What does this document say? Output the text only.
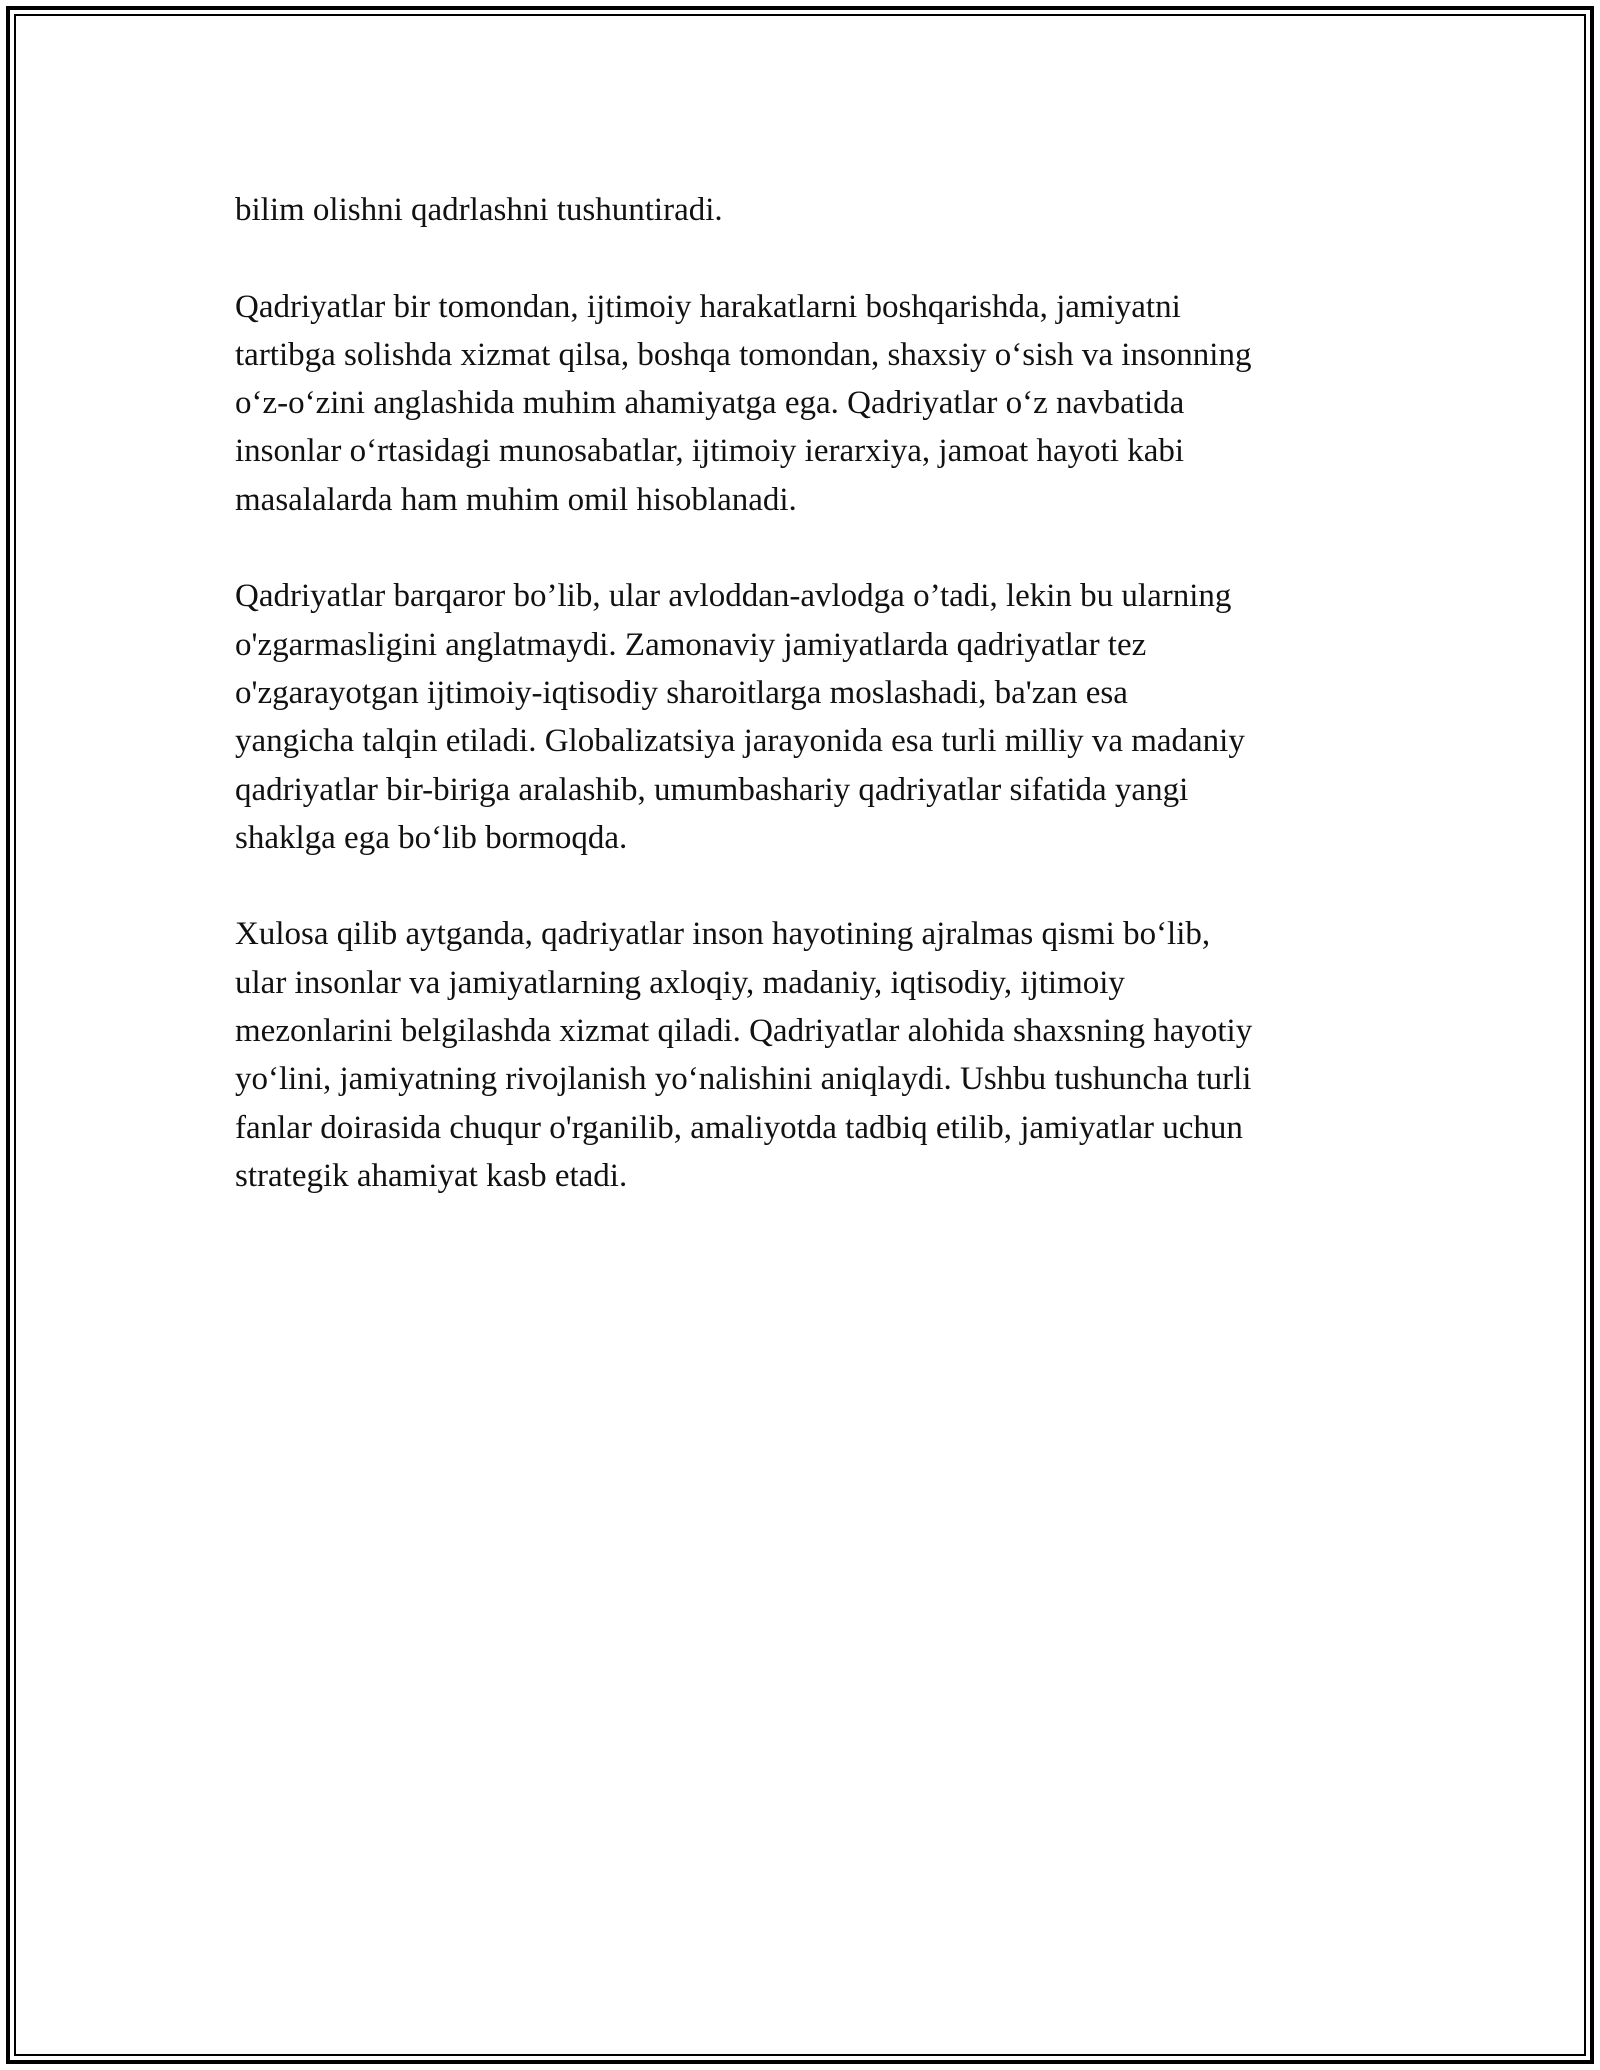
bilim olishni qadrlashni tushuntiradi.

Qadriyatlar bir tomondan, ijtimoiy harakatlarni boshqarishda, jamiyatni
tartibga solishda xizmat qilsa, boshqa tomondan, shaxsiy o‘sish va insonning
o‘z-o‘zini anglashida muhim ahamiyatga ega. Qadriyatlar o‘z navbatida
insonlar o‘rtasidagi munosabatlar, ijtimoiy ierarxiya, jamoat hayoti kabi
masalalarda ham muhim omil hisoblanadi.

Qadriyatlar barqaror bo’lib, ular avloddan-avlodga o’tadi, lekin bu ularning
o'zgarmasligini anglatmaydi. Zamonaviy jamiyatlarda qadriyatlar tez
o'zgarayotgan ijtimoiy-iqtisodiy sharoitlarga moslashadi, ba'zan esa
yangicha talqin etiladi. Globalizatsiya jarayonida esa turli milliy va madaniy
qadriyatlar bir-biriga aralashib, umumbashariy qadriyatlar sifatida yangi
shaklga ega bo‘lib bormoqda.

Xulosa qilib aytganda, qadriyatlar inson hayotining ajralmas qismi bo‘lib,
ular insonlar va jamiyatlarning axloqiy, madaniy, iqtisodiy, ijtimoiy
mezonlarini belgilashda xizmat qiladi. Qadriyatlar alohida shaxsning hayotiy
yo‘lini, jamiyatning rivojlanish yo‘nalishini aniqlaydi. Ushbu tushuncha turli
fanlar doirasida chuqur o'rganilib, amaliyotda tadbiq etilib, jamiyatlar uchun
strategik ahamiyat kasb etadi.
